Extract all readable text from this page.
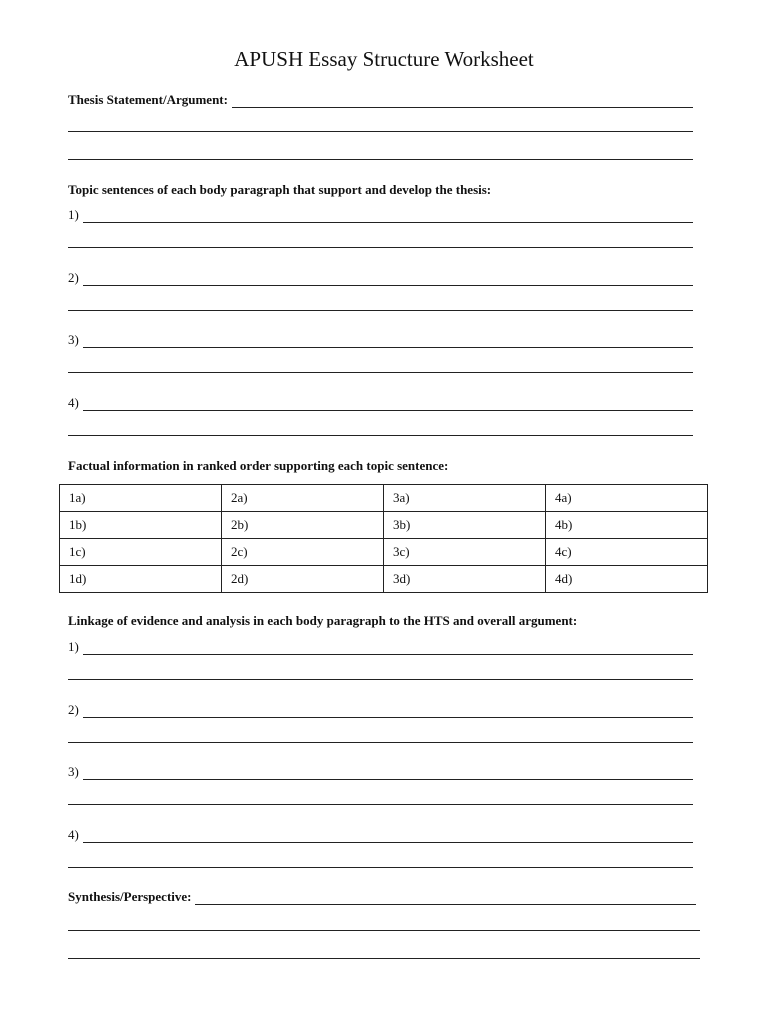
APUSH Essay Structure Worksheet
Thesis Statement/Argument:
Topic sentences of each body paragraph that support and develop the thesis:
1)
2)
3)
4)
Factual information in ranked order supporting each topic sentence:
1a)	2a)	3a)	4a)
1b)	2b)	3b)	4b)
1c)	2c)	3c)	4c)
1d)	2d)	3d)	4d)
Linkage of evidence and analysis in each body paragraph to the HTS and overall argument:
1)
2)
3)
4)
Synthesis/Perspective:
